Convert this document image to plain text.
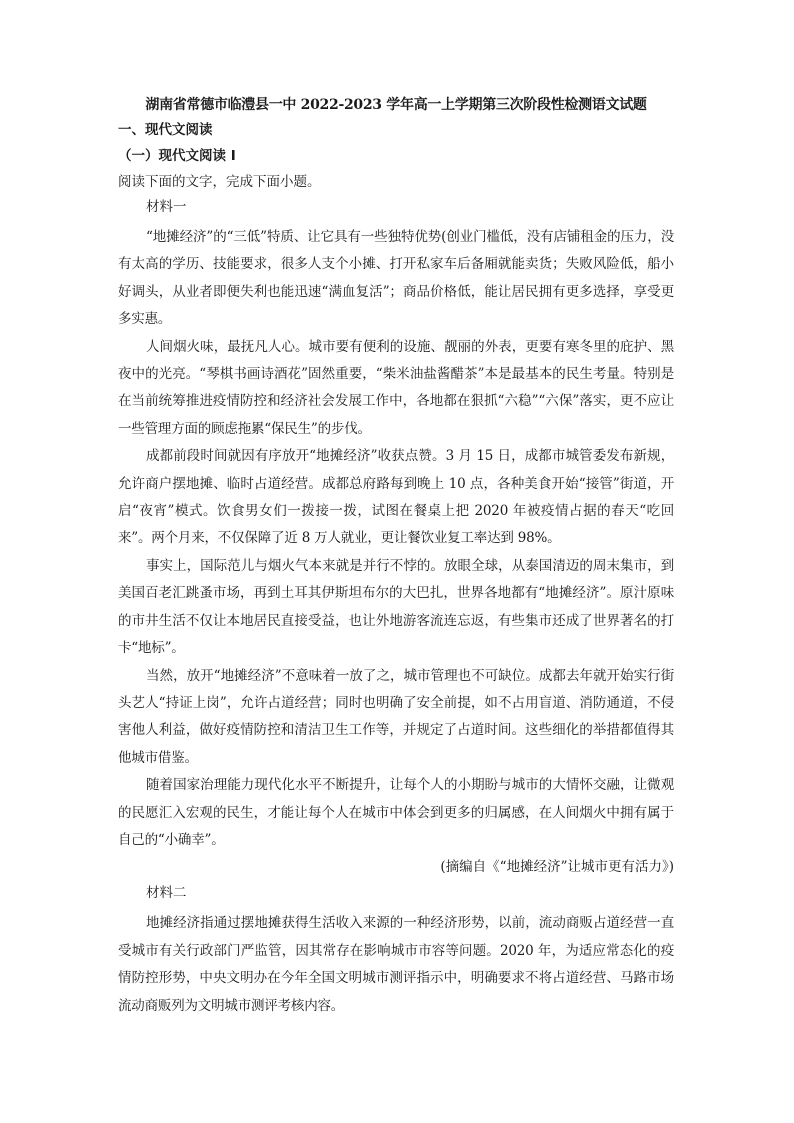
湖南省常德市临澧县一中 2022-2023 学年高一上学期第三次阶段性检测语文试题
一、现代文阅读
（一）现代文阅读 I
阅读下面的文字，完成下面小题。
材料一

“地摊经济”的“三低”特质、让它具有一些独特优势(创业门槛低，没有店铺租金的压力，没有太高的学历、技能要求，很多人支个小摊、打开私家车后备厢就能卖货；失败风险低，船小好调头，从业者即便失利也能迅速“满血复活”；商品价格低，能让居民拥有更多选择，享受更多实惠。

人间烟火味，最抚凡人心。城市要有便利的设施、靓丽的外表，更要有寒冬里的庇护、黑夜中的光亮。“琴棋书画诗酒花”固然重要，“柴米油盐酱醋茶”本是最基本的民生考量。特别是在当前统筹推进疫情防控和经济社会发展工作中，各地都在狠抓“六稳”“六保”落实，更不应让一些管理方面的顾虑拖累“保民生”的步伐。

成都前段时间就因有序放开“地摊经济”收获点赞。3 月 15 日，成都市城管委发布新规，允许商户摆地摊、临时占道经营。成都总府路每到晚上 10 点，各种美食开始“接管”街道，开启“夜宵”模式。饮食男女们一拨接一拨，试图在餐桌上把 2020 年被疫情占据的春天“吃回来”。两个月来，不仅保障了近 8 万人就业，更让餐饮业复工率达到 98%。

事实上，国际范儿与烟火气本来就是并行不悖的。放眼全球，从泰国清迈的周末集市，到美国百老汇跳蚤市场，再到土耳其伊斯坦布尔的大巴扎，世界各地都有“地摊经济”。原汁原味的市井生活不仅让本地居民直接受益，也让外地游客流连忘返，有些集市还成了世界著名的打卡“地标”。

当然，放开“地摊经济”不意味着一放了之，城市管理也不可缺位。成都去年就开始实行街头艺人“持证上岗”，允许占道经营；同时也明确了安全前提，如不占用盲道、消防通道，不侵害他人利益，做好疫情防控和清洁卫生工作等，并规定了占道时间。这些细化的举措都值得其他城市借鉴。

随着国家治理能力现代化水平不断提升，让每个人的小期盼与城市的大情怀交融，让微观的民愿汇入宏观的民生，才能让每个人在城市中体会到更多的归属感，在人间烟火中拥有属于自己的“小确幸”。

(摘编自《“地摊经济”让城市更有活力》)
材料二

地摊经济指通过摆地摊获得生活收入来源的一种经济形势，以前，流动商贩占道经营一直受城市有关行政部门严监管，因其常存在影响城市市容等问题。2020 年，为适应常态化的疫情防控形势，中央文明办在今年全国文明城市测评指示中，明确要求不将占道经营、马路市场流动商贩列为文明城市测评考核内容。
